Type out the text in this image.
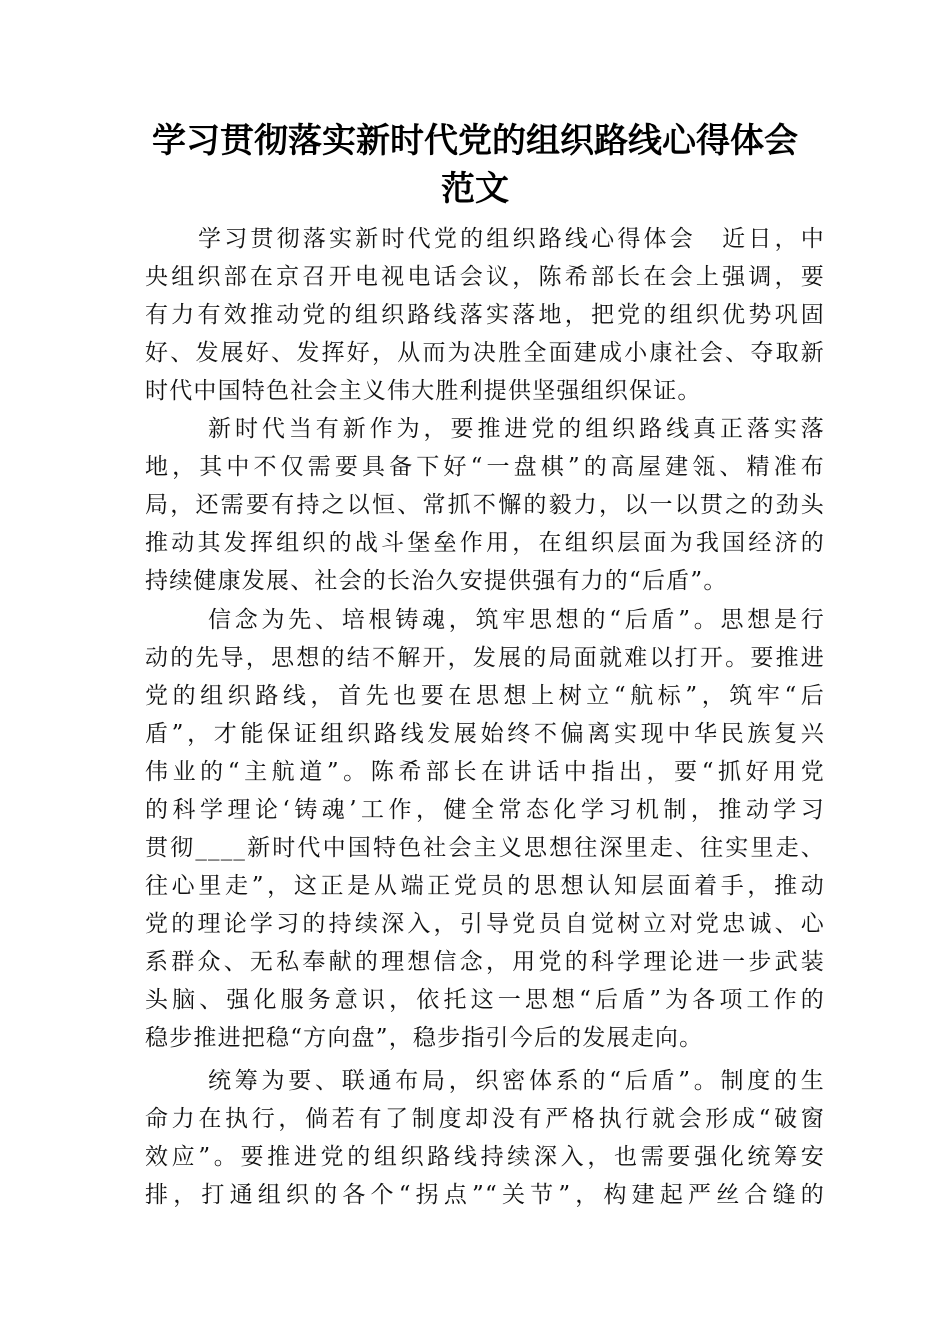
学习贯彻落实新时代党的组织路线心得体会
范文
学习贯彻落实新时代党的组织路线心得体会　近日，中
央组织部在京召开电视电话会议，陈希部长在会上强调，要
有力有效推动党的组织路线落实落地，把党的组织优势巩固
好、发展好、发挥好，从而为决胜全面建成小康社会、夺取新
时代中国特色社会主义伟大胜利提供坚强组织保证。
新时代当有新作为，要推进党的组织路线真正落实落
地，其中不仅需要具备下好“一盘棋”的高屋建瓴、精准布
局，还需要有持之以恒、常抓不懈的毅力，以一以贯之的劲头
推动其发挥组织的战斗堡垒作用，在组织层面为我国经济的
持续健康发展、社会的长治久安提供强有力的“后盾”。
信念为先、培根铸魂，筑牢思想的“后盾”。思想是行
动的先导，思想的结不解开，发展的局面就难以打开。要推进
党的组织路线，首先也要在思想上树立“航标”，筑牢“后
盾”，才能保证组织路线发展始终不偏离实现中华民族复兴
伟业的“主航道”。陈希部长在讲话中指出，要“抓好用党
的科学理论‘铸魂’工作，健全常态化学习机制，推动学习
贯彻____新时代中国特色社会主义思想往深里走、往实里走、
往心里走”，这正是从端正党员的思想认知层面着手，推动
党的理论学习的持续深入，引导党员自觉树立对党忠诚、心
系群众、无私奉献的理想信念，用党的科学理论进一步武装
头脑、强化服务意识，依托这一思想“后盾”为各项工作的
稳步推进把稳“方向盘”，稳步指引今后的发展走向。
统筹为要、联通布局，织密体系的“后盾”。制度的生
命力在执行，倘若有了制度却没有严格执行就会形成“破窗
效应”。要推进党的组织路线持续深入，也需要强化统筹安
排，打通组织的各个“拐点”“关节”，构建起严丝合缝的
